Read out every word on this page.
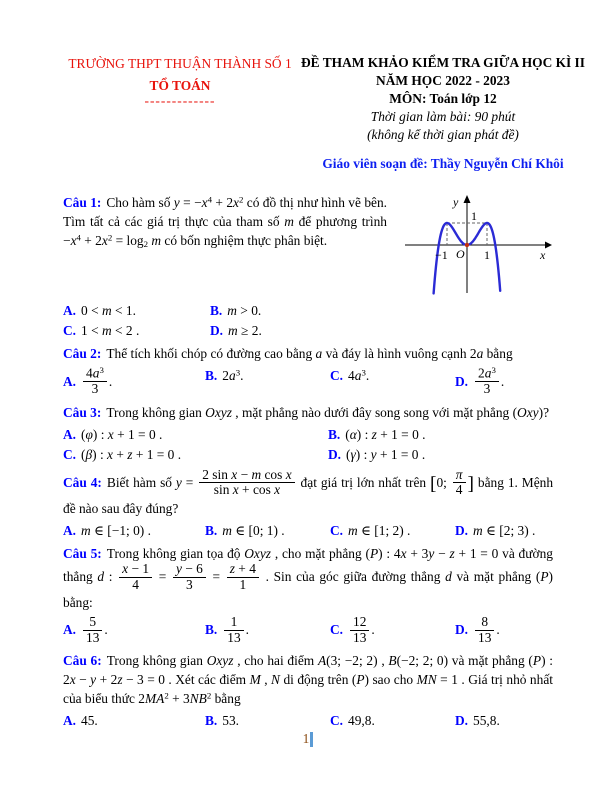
TRƯỜNG THPT THUẬN THÀNH SỐ 1
TỔ TOÁN
-------------
ĐỀ THAM KHẢO KIỂM TRA GIỮA HỌC KÌ II
NĂM HỌC 2022 - 2023
MÔN: Toán lớp 12
Thời gian làm bài: 90 phút
(không kể thời gian phát đề)
Giáo viên soạn đề: Thầy Nguyễn Chí Khôi
y
x
O
−1	1
1

Câu 1: Cho hàm số $y = -x^4 + 2x^2$ có đồ thị như hình vẽ bên. Tìm tất cả các giá trị thực của tham số m để phương trình $-x^4 + 2x^2 = \log 2$ m có bốn nghiệm thực phân biệt.

A. 0 < m < 1.	B. m > 0.
C. 1 < m < 2 .	D. m ≥ 2.

Câu 2: Thể tích khối chóp có đường cao bằng a và đáy là hình vuông cạnh 2a bằng

A. $\frac{4a^3}{3}$ .	B. $2a^3$.	C. $4a^3$.	D. $\frac{2a^3}{3}$ .

Câu 3: Trong không gian Oxyz , mặt phẳng nào dưới đây song song với mặt phẳng (Oxy)?

A. (φ) : x + 1 = 0 .	B. (α) : z + 1 = 0 .
C. (β) : x + z + 1 = 0 .	D. (γ) : y + 1 = 0 .

Câu 4: Biết hàm số $y = \frac{\text{2 sin x − m cos x}}{\text{sin x + cos x}}$ đạt giá trị lớn nhất trên [0; $\frac{\pi}{4}$ ] bằng 1. Mệnh đề nào sau đây đúng?

A. m ∈ [−1; 0) .	B. m ∈ [0; 1) .	C. m ∈ [1; 2) .	D. m ∈ [2; 3) .

Câu 5: Trong không gian tọa độ Oxyz , cho mặt phẳng (P) : 4x + 3y − z + 1 = 0 và đường thẳng d : $\frac{x - 1}{4} = \frac{y - 6}{3} = \frac{z + 4}{1}$ . Sin của góc giữa đường thẳng d và mặt phẳng (P) bằng:

A. $\frac{5}{13}$ .	B. $\frac{1}{13}$ .	C. $\frac{12}{13}$ .	D. $\frac{8}{13}$ .

Câu 6: Trong không gian Oxyz , cho hai điểm A(3; −2; 2) , B(−2; 2; 0) và mặt phẳng (P) : 2x − y + 2z − 3 = 0 . Xét các điểm M , N di động trên (P) sao cho MN = 1 . Giá trị nhỏ nhất của biểu thức $2MA^2 + 3NB^2$ bằng

A. 45.	B. 53.	C. 49,8.	D. 55,8.
1
